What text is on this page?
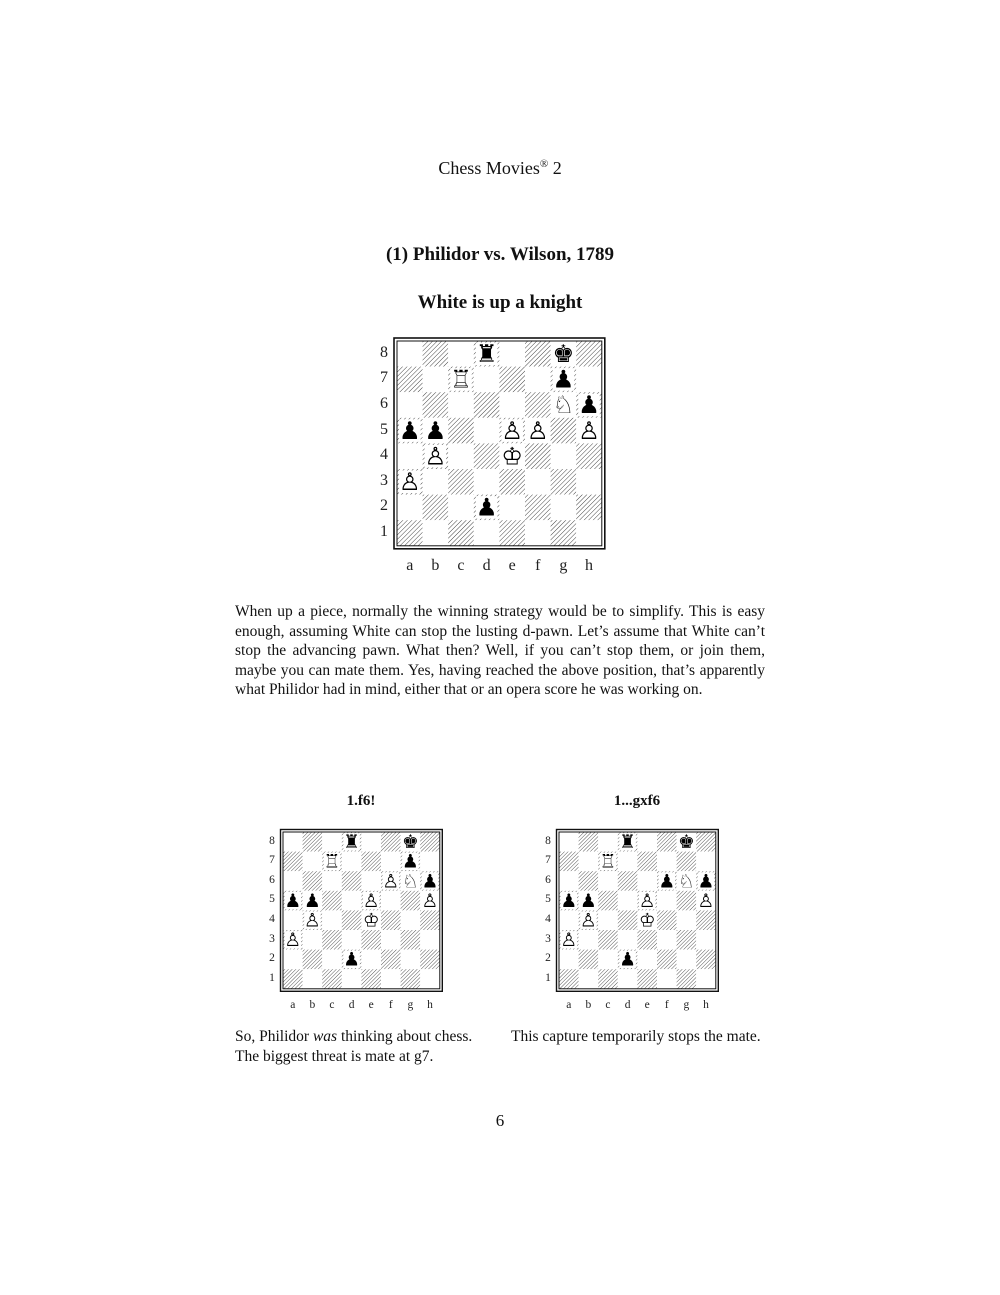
Chess Movies® 2
(1) Philidor vs. Wilson, 1789
White is up a knight
♜ ♚
♖	♟
♘ ♟
♟ ♟ ♙ ♙ ♙
♙ ♔
♙
♟
8
7
6
5
4
3
2
1
a	b	c	d	e	f	g	h
When up a piece, normally the winning strategy would be to simplify. This is easy enough, assuming White can stop the lusting d-pawn. Let’s assume that White can’t stop the advancing pawn. What then? Well, if you can’t stop them, or join them, maybe you can mate them. Yes, having reached the above position, that’s apparently what Philidor had in mind, either that or an opera score he was working on.
1.f6!	1...gxf6
♜ ♚
♖	♟
♙ ♘ ♟
♟ ♟ ♙ ♙
♙ ♔
♙
♟
8
7
6
5
4
3
2
1
a	b	c	d	e	f	g	h
♜ ♚
♖
♟ ♘ ♟
♟ ♟ ♙ ♙
♙ ♔
♙
♟
8
7
6
5
4
3
2
1
a	b	c	d	e	f	g	h
So, Philidor was thinking about chess. The biggest threat is mate at g7.
This capture temporarily stops the mate.
6
